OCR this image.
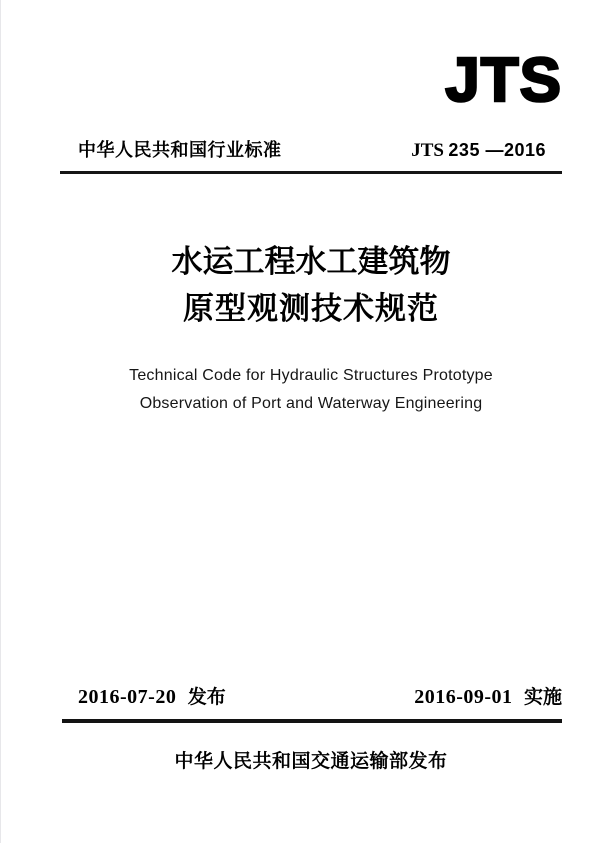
JTS
中华人民共和国行业标准	JTS 235 —2016
水运工程水工建筑物
原型观测技术规范
Technical Code for Hydraulic Structures Prototype
Observation of Port and Waterway Engineering
2016-07-20 发布	2016-09-01 实施
中华人民共和国交通运输部发布
